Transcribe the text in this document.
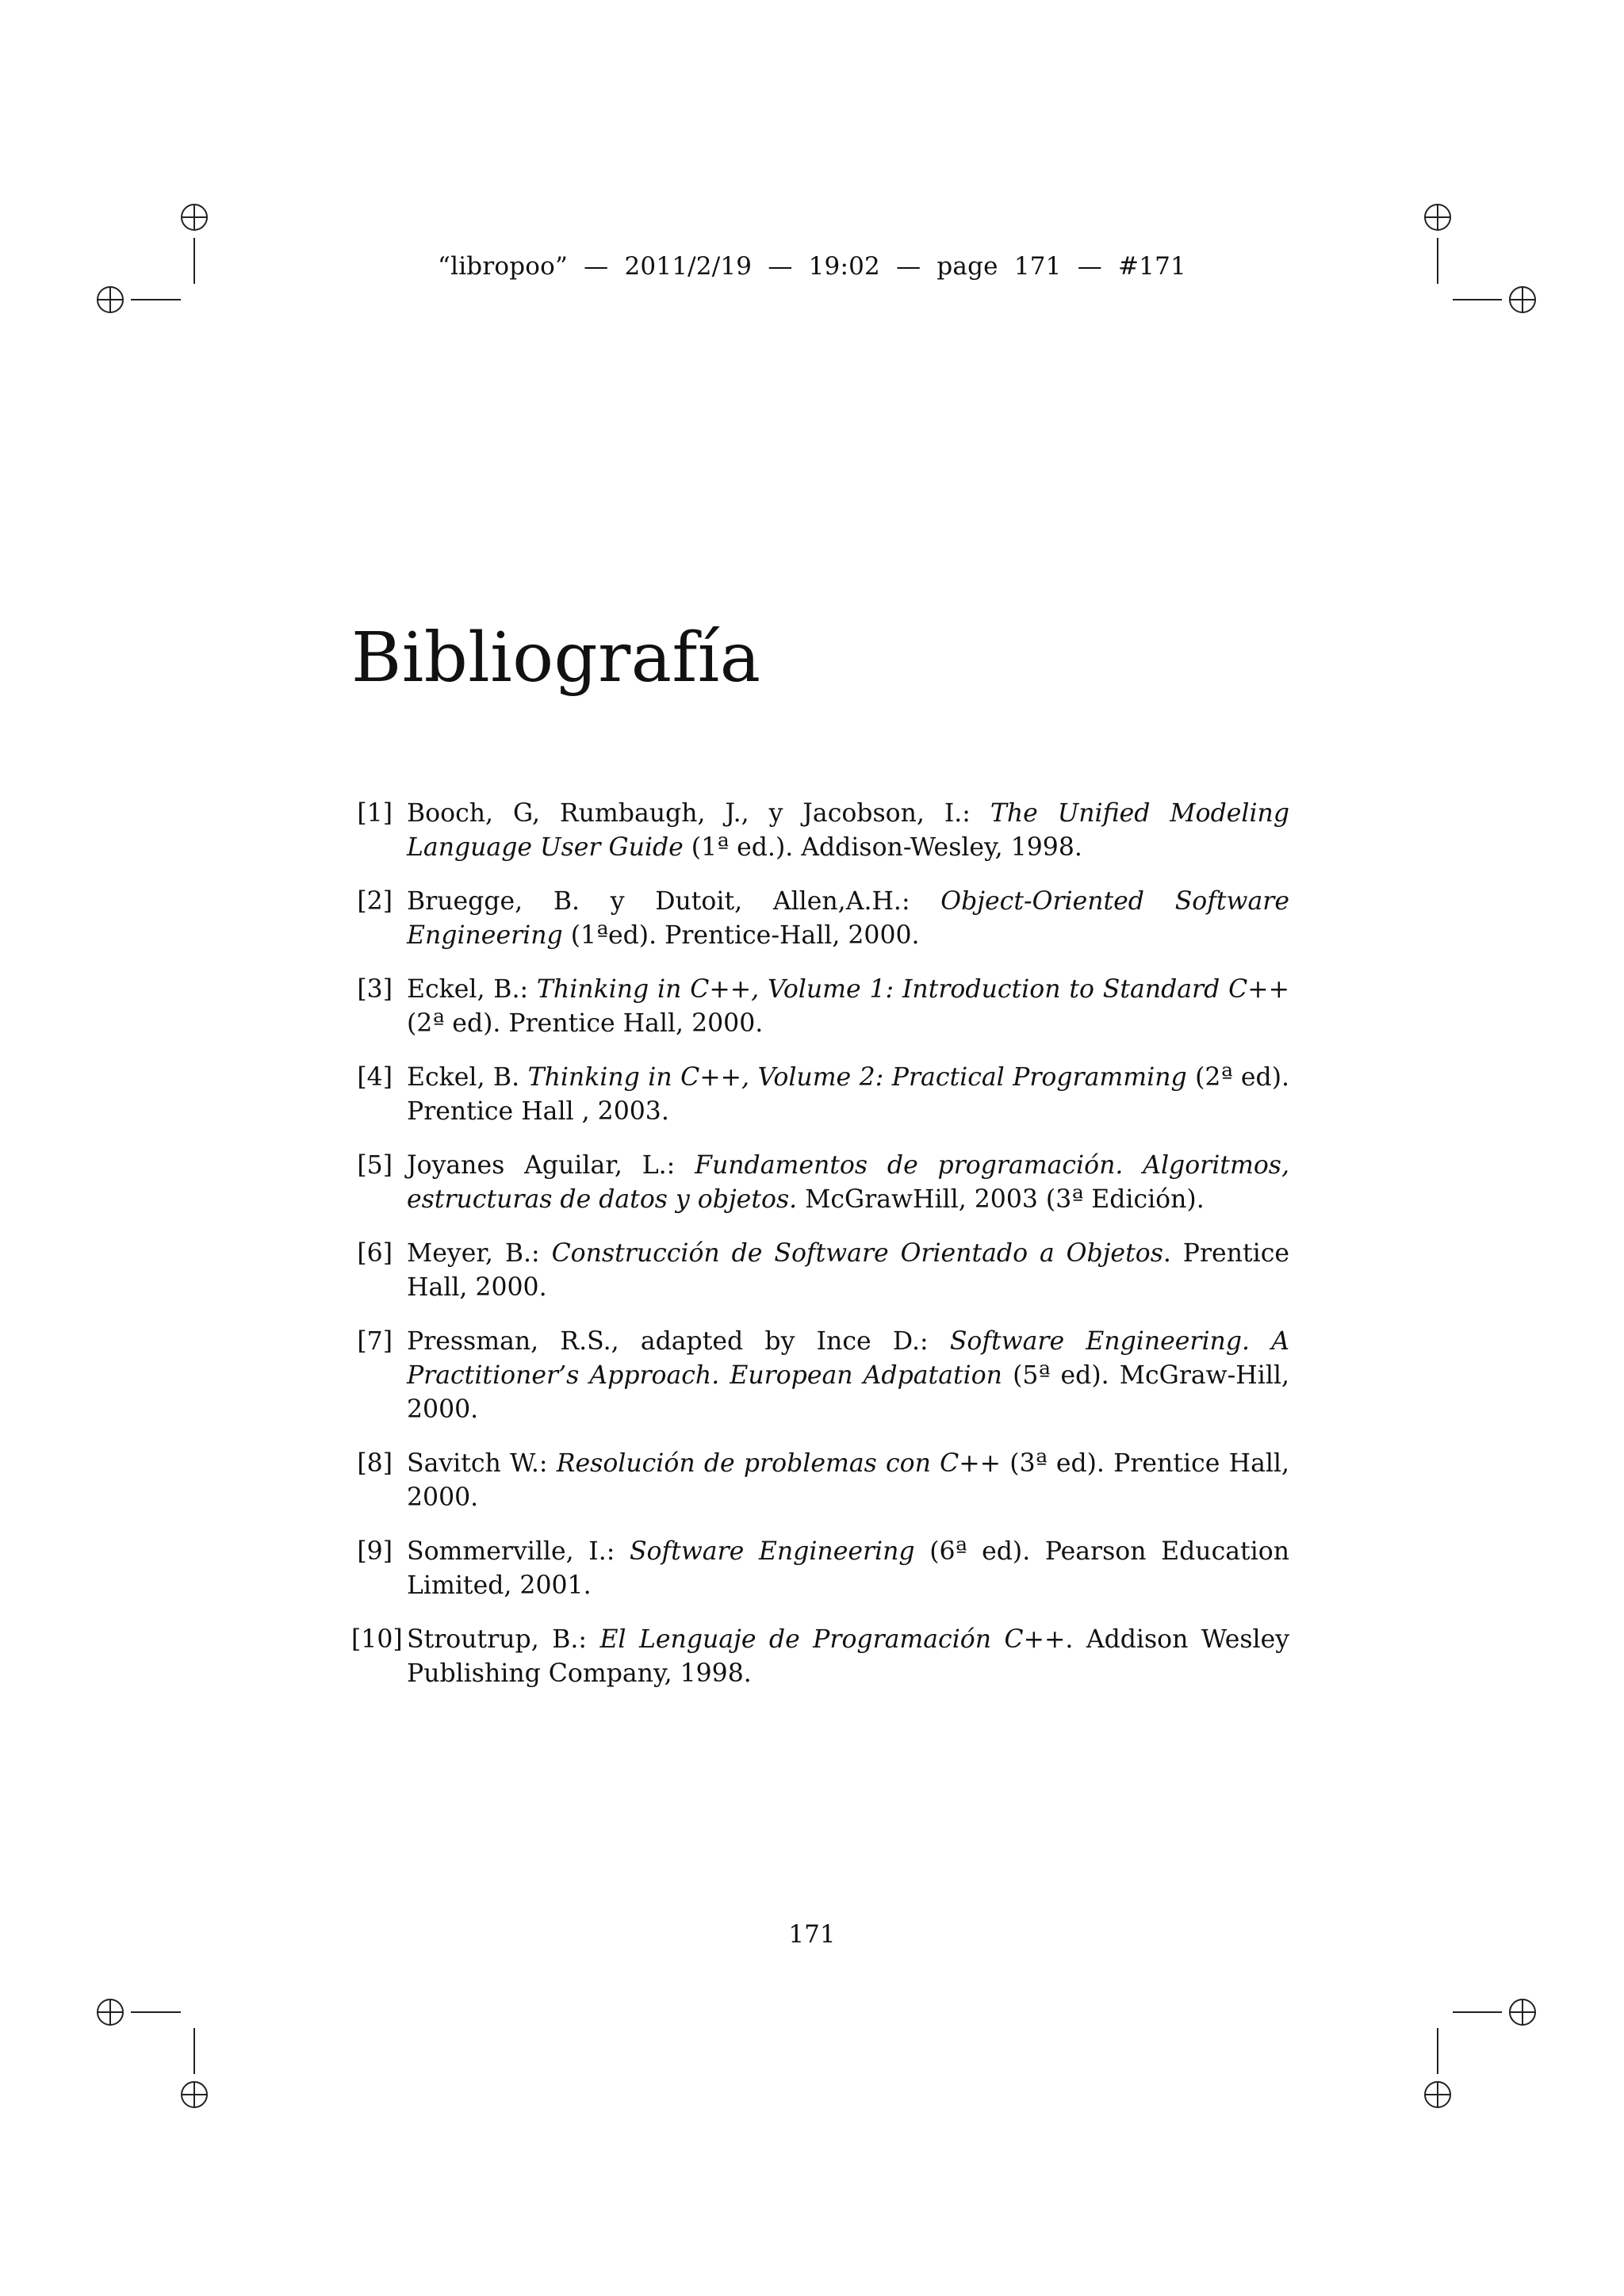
“libropoo”  —  2011/2/19  —  19:02  —  page  171  —  #171
Bibliografía
[1] Booch, G, Rumbaugh, J., y Jacobson, I.: The Unified Modeling Language User Guide (1ª ed.). Addison-Wesley, 1998.
[2] Bruegge, B. y Dutoit, Allen,A.H.: Object-Oriented Software Engineering (1ªed). Prentice-Hall, 2000.
[3] Eckel, B.: Thinking in C++, Volume 1: Introduction to Standard C++ (2ª ed). Prentice Hall, 2000.
[4] Eckel, B. Thinking in C++, Volume 2: Practical Programming (2ª ed). Prentice Hall , 2003.
[5] Joyanes Aguilar, L.: Fundamentos de programación. Algoritmos, estructuras de datos y objetos. McGrawHill, 2003 (3ª Edición).
[6] Meyer, B.: Construcción de Software Orientado a Objetos. Prentice Hall, 2000.
[7] Pressman, R.S., adapted by Ince D.: Software Engineering. A Practitioner’s Approach. European Adpatation (5ª ed). McGraw-Hill, 2000.
[8] Savitch W.: Resolución de problemas con C++ (3ª ed). Prentice Hall, 2000.
[9] Sommerville, I.: Software Engineering (6ª ed). Pearson Education Limited, 2001.
[10] Stroutrup, B.: El Lenguaje de Programación C++. Addison Wesley Publishing Company, 1998.
171
